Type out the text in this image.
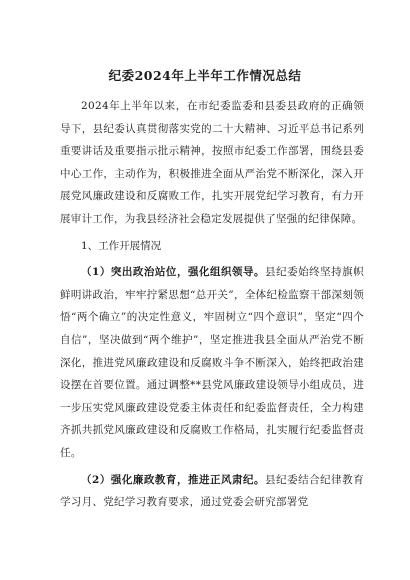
纪委2024年上半年工作情况总结

2024年上半年以来，在市纪委监委和县委县政府的正确领导下，县纪委认真贯彻落实党的二十大精神、习近平总书记系列重要讲话及重要指示批示精神，按照市纪委工作部署，围绕县委中心工作，主动作为，积极推进全面从严治党不断深化，深入开展党风廉政建设和反腐败工作，扎实开展党纪学习教育，有力开展审计工作，为我县经济社会稳定发展提供了坚强的纪律保障。

1、工作开展情况

（1）突出政治站位，强化组织领导。县纪委始终坚持旗帜鲜明讲政治，牢牢拧紧思想“总开关”，全体纪检监察干部深刻领悟“两个确立”的决定性意义，牢固树立“四个意识”，坚定“四个自信”，坚决做到“两个维护”，坚定推进我县全面从严治党不断深化，推进党风廉政建设和反腐败斗争不断深入，始终把政治建设摆在首要位置。通过调整**县党风廉政建设领导小组成员，进一步压实党风廉政建设党委主体责任和纪委监督责任，全力构建齐抓共抓党风廉政建设和反腐败工作格局，扎实履行纪委监督责任。

（2）强化廉政教育，推进正风肃纪。县纪委结合纪律教育学习月、党纪学习教育要求，通过党委会研究部署党
